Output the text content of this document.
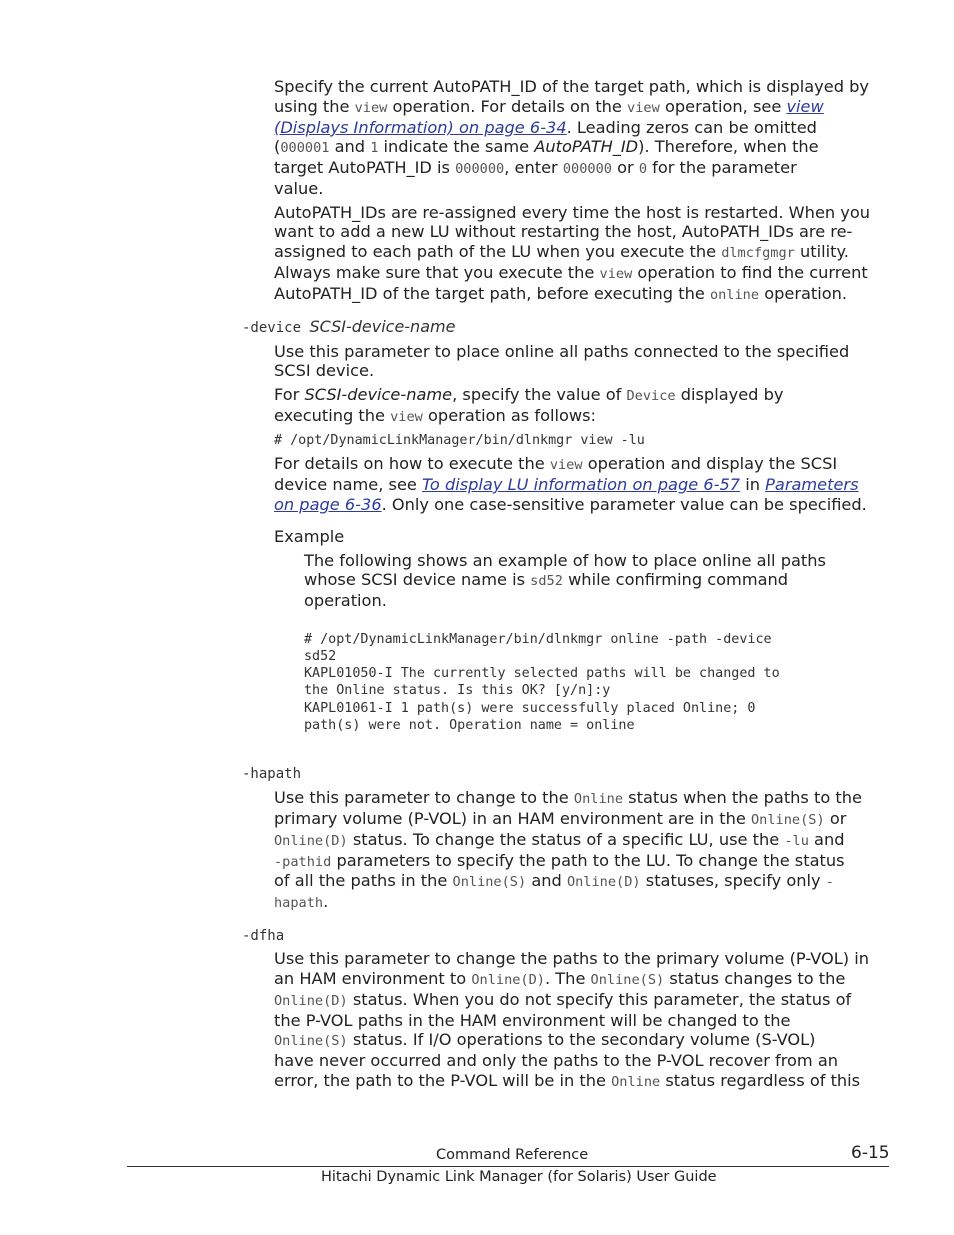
Specify the current AutoPATH_ID of the target path, which is displayed by
using the view operation. For details on the view operation, see view
(Displays Information) on page 6-34. Leading zeros can be omitted
(000001 and 1 indicate the same AutoPATH_ID). Therefore, when the
target AutoPATH_ID is 000000, enter 000000 or 0 for the parameter
value.
AutoPATH_IDs are re-assigned every time the host is restarted. When you
want to add a new LU without restarting the host, AutoPATH_IDs are re-
assigned to each path of the LU when you execute the dlmcfgmgr utility.
Always make sure that you execute the view operation to find the current
AutoPATH_ID of the target path, before executing the online operation.
-device SCSI-device-name
Use this parameter to place online all paths connected to the specified
SCSI device.
For SCSI-device-name, specify the value of Device displayed by
executing the view operation as follows:
# /opt/DynamicLinkManager/bin/dlnkmgr view -lu
For details on how to execute the view operation and display the SCSI
device name, see To display LU information on page 6-57 in Parameters
on page 6-36. Only one case-sensitive parameter value can be specified.
Example
The following shows an example of how to place online all paths
whose SCSI device name is sd52 while confirming command
operation.
# /opt/DynamicLinkManager/bin/dlnkmgr online -path -device
sd52
KAPL01050-I The currently selected paths will be changed to
the Online status. Is this OK? [y/n]:y
KAPL01061-I 1 path(s) were successfully placed Online; 0
path(s) were not. Operation name = online
-hapath
Use this parameter to change to the Online status when the paths to the
primary volume (P-VOL) in an HAM environment are in the Online(S) or
Online(D) status. To change the status of a specific LU, use the -lu and
-pathid parameters to specify the path to the LU. To change the status
of all the paths in the Online(S) and Online(D) statuses, specify only -
hapath.
-dfha
Use this parameter to change the paths to the primary volume (P-VOL) in
an HAM environment to Online(D). The Online(S) status changes to the
Online(D) status. When you do not specify this parameter, the status of
the P-VOL paths in the HAM environment will be changed to the
Online(S) status. If I/O operations to the secondary volume (S-VOL)
have never occurred and only the paths to the P-VOL recover from an
error, the path to the P-VOL will be in the Online status regardless of this
Command Reference	6-15
Hitachi Dynamic Link Manager (for Solaris) User Guide
